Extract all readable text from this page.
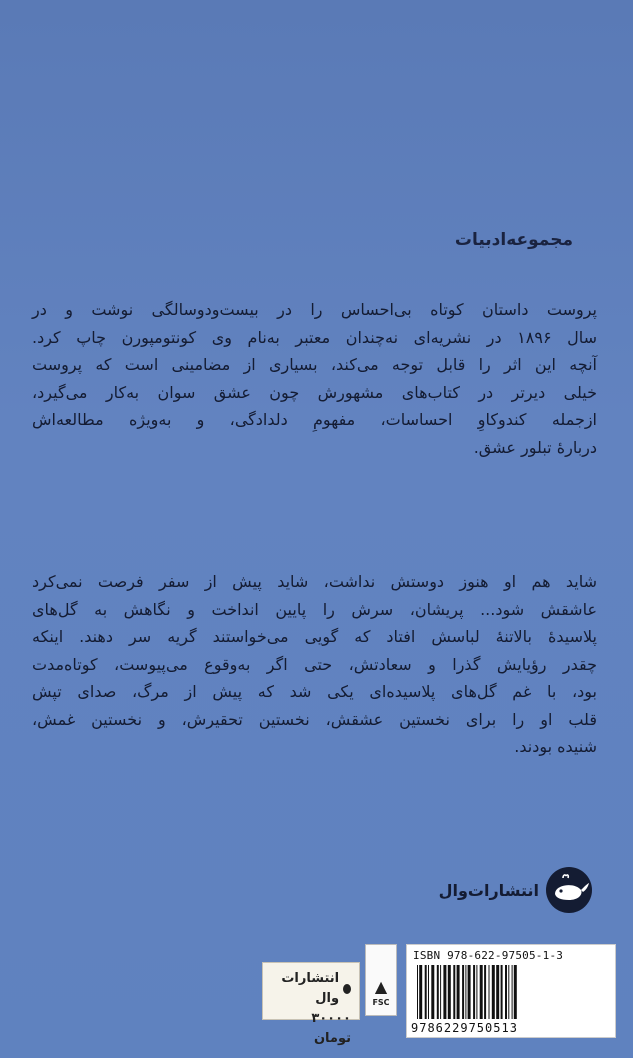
مجموعه‌ادبیات
پروست داستان کوتاه بی‌احساس را در بیست‌ودوسالگی نوشت و در
سال ۱۸۹۶ در نشریه‌ای نه‌چندان معتبر به‌نام وی کونتومپورن چاپ کرد.
آنچه این اثر را قابل توجه می‌کند، بسیاری از مضامینی است که پروست
خیلی دیرتر در کتاب‌های مشهورش چون عشق سوان به‌کار می‌گیرد،
ازجمله کندوکاوِ احساسات، مفهومِ دلدادگی، و به‌ویژه مطالعه‌اش
دربارهٔ تبلور عشق.
شاید هم او هنوز دوستش نداشت، شاید پیش از سفر فرصت نمی‌کرد
عاشقش شود... پریشان، سرش را پایین انداخت و نگاهش به گل‌های
پلاسیدهٔ بالاتنهٔ لباسش افتاد که گویی می‌خواستند گریه سر دهند. اینکه
چقدر رؤیایش گذرا و سعادتش، حتی اگر به‌وقوع می‌پیوست، کوتاه‌مدت
بود، با غم گل‌های پلاسیده‌ای یکی شد که پیش از مرگ، صدای تپش
قلب او را برای نخستین عشقش، نخستین تحقیرش، و نخستین غمش،
شنیده بودند.
انتشارات‌وال
انتشارات وال
۳۰۰۰۰ تومان
▲
FSC
ISBN 978-622-97505-1-3
9786229750513
